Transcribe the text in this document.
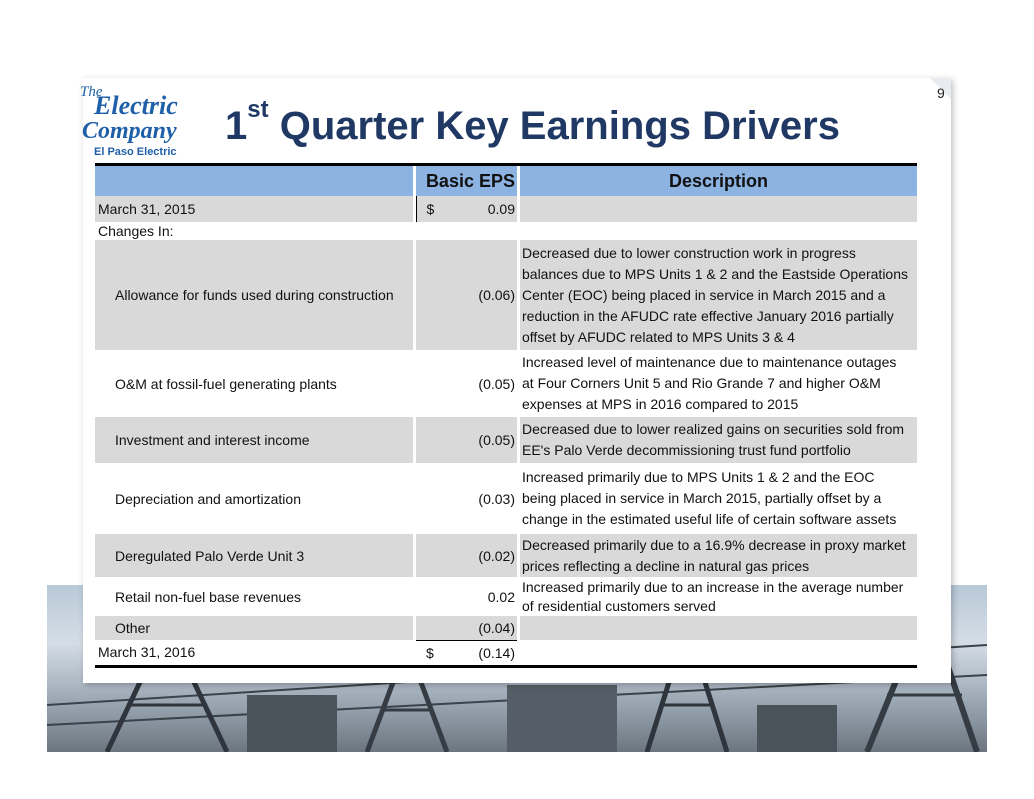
9
The
Electric
Company
El Paso Electric
1st Quarter Key Earnings Drivers
		Basic EPS		Description
March 31, 2015		$ 0.09		
Changes In:				
Allowance for funds used during construction		(0.06)		Decreased due to lower construction work in progress
balances due to MPS Units 1 & 2 and the Eastside Operations
Center (EOC) being placed in service in March 2015 and a
reduction in the AFUDC rate effective January 2016 partially
offset by AFUDC related to MPS Units 3 & 4

O&M at fossil-fuel generating plants		(0.05)		Increased level of maintenance due to maintenance outages
at Four Corners Unit 5 and Rio Grande 7 and higher O&M
expenses at MPS in 2016 compared to 2015

Investment and interest income		(0.05)		Decreased due to lower realized gains on securities sold from
EE's Palo Verde decommissioning trust fund portfolio

Depreciation and amortization		(0.03)		Increased primarily due to MPS Units 1 & 2 and the EOC
being placed in service in March 2015, partially offset by a
change in the estimated useful life of certain software assets

Deregulated Palo Verde Unit 3		(0.02)		Decreased primarily due to a 16.9% decrease in proxy market
prices reflecting a decline in natural gas prices

Retail non-fuel base revenues		0.02		Increased primarily due to an increase in the average number
of residential customers served

Other		(0.04)		
March 31, 2016		$ (0.14)		
